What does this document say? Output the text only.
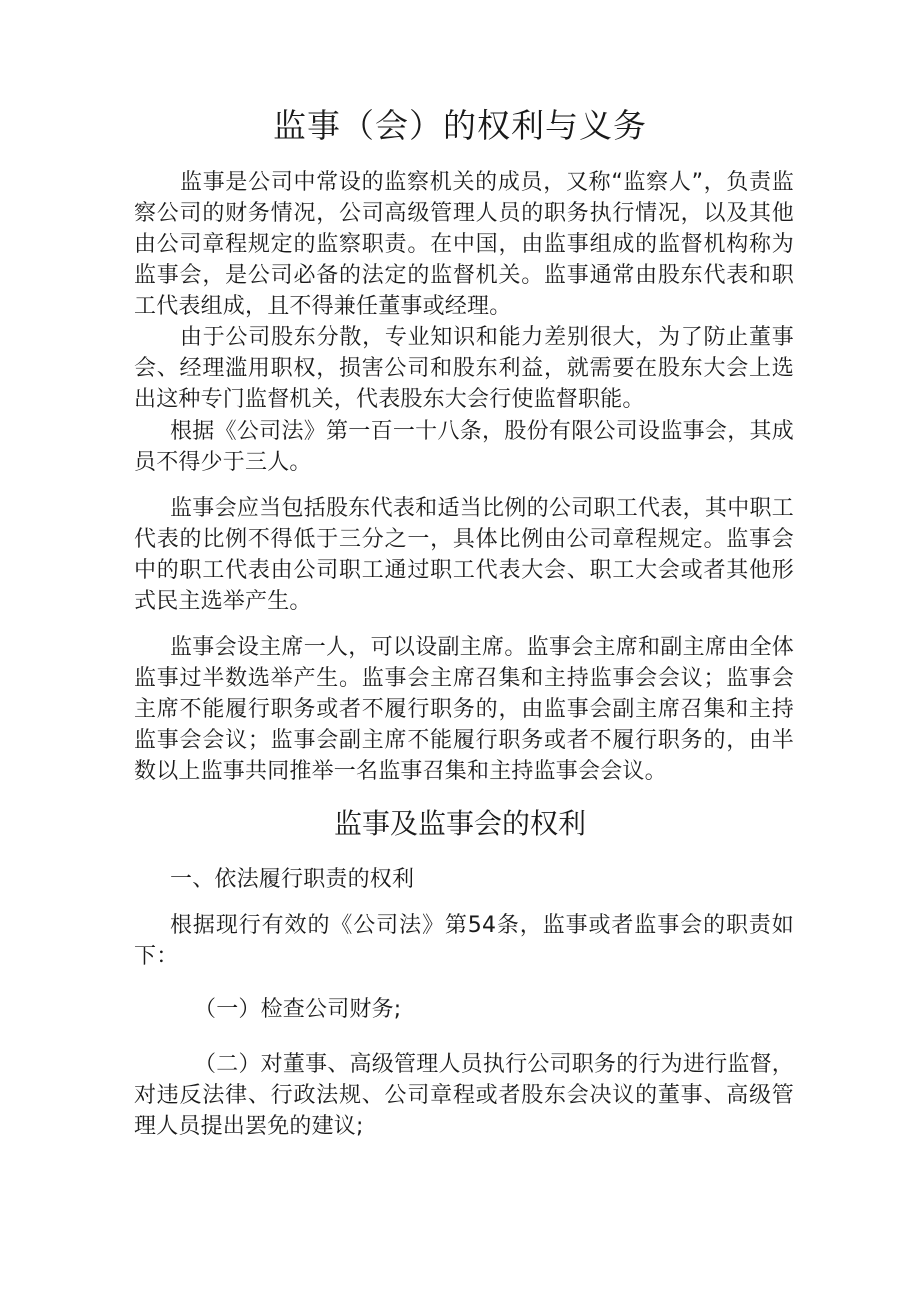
监事（会）的权利与义务

监事是公司中常设的监察机关的成员，又称“监察人”，负责监察公司的财务情况，公司高级管理人员的职务执行情况，以及其他由公司章程规定的监察职责。在中国，由监事组成的监督机构称为监事会，是公司必备的法定的监督机关。监事通常由股东代表和职工代表组成，且不得兼任董事或经理。

由于公司股东分散，专业知识和能力差别很大，为了防止董事会、经理滥用职权，损害公司和股东利益，就需要在股东大会上选出这种专门监督机关，代表股东大会行使监督职能。

根据《公司法》第一百一十八条，股份有限公司设监事会，其成员不得少于三人。

监事会应当包括股东代表和适当比例的公司职工代表，其中职工代表的比例不得低于三分之一，具体比例由公司章程规定。监事会中的职工代表由公司职工通过职工代表大会、职工大会或者其他形式民主选举产生。

监事会设主席一人，可以设副主席。监事会主席和副主席由全体监事过半数选举产生。监事会主席召集和主持监事会会议；监事会主席不能履行职务或者不履行职务的，由监事会副主席召集和主持监事会会议；监事会副主席不能履行职务或者不履行职务的，由半数以上监事共同推举一名监事召集和主持监事会会议。

监事及监事会的权利

一、依法履行职责的权利

根据现行有效的《公司法》第54条，监事或者监事会的职责如下：

（一）检查公司财务;

（二）对董事、高级管理人员执行公司职务的行为进行监督，对违反法律、行政法规、公司章程或者股东会决议的董事、高级管理人员提出罢免的建议;
